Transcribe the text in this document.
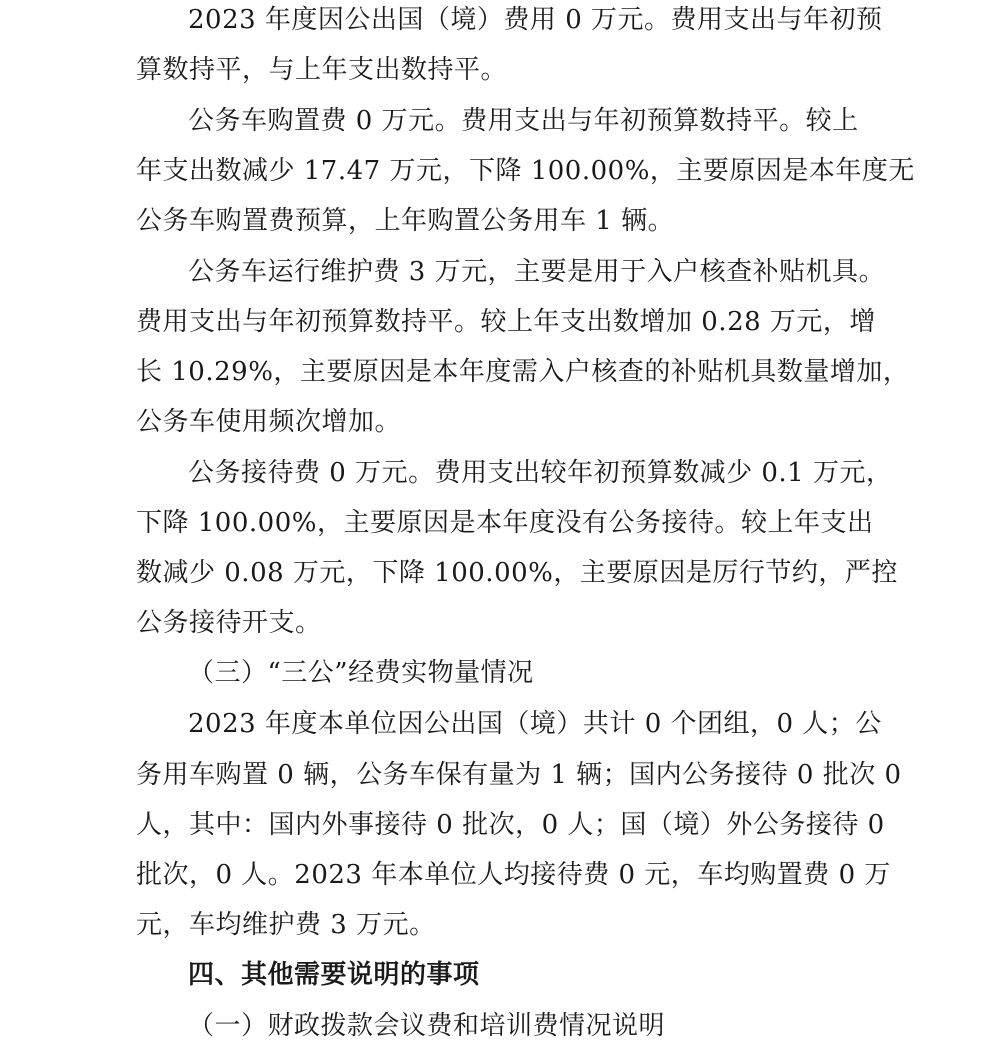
2023 年度因公出国（境）费用 0 万元。费用支出与年初预
算数持平，与上年支出数持平。
公务车购置费 0 万元。费用支出与年初预算数持平。较上
年支出数减少 17.47 万元，下降 100.00%，主要原因是本年度无
公务车购置费预算，上年购置公务用车 1 辆。
公务车运行维护费 3 万元，主要是用于入户核查补贴机具。
费用支出与年初预算数持平。较上年支出数增加 0.28 万元，增
长 10.29%，主要原因是本年度需入户核查的补贴机具数量增加，
公务车使用频次增加。
公务接待费 0 万元。费用支出较年初预算数减少 0.1 万元，
下降 100.00%，主要原因是本年度没有公务接待。较上年支出
数减少 0.08 万元，下降 100.00%，主要原因是厉行节约，严控
公务接待开支。
（三）“三公”经费实物量情况
2023 年度本单位因公出国（境）共计 0 个团组，0 人；公
务用车购置 0 辆，公务车保有量为 1 辆；国内公务接待 0 批次 0
人，其中：国内外事接待 0 批次，0 人；国（境）外公务接待 0
批次，0 人。2023 年本单位人均接待费 0 元，车均购置费 0 万
元，车均维护费 3 万元。
四、其他需要说明的事项
（一）财政拨款会议费和培训费情况说明
